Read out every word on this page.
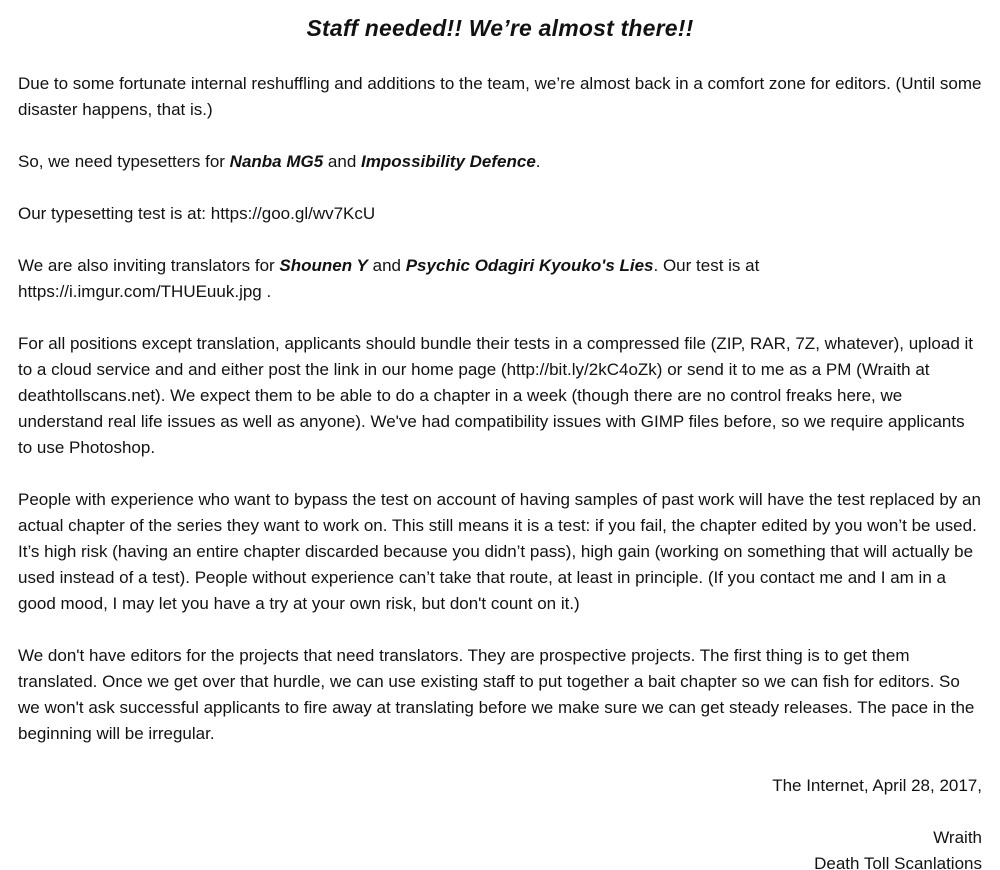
Staff needed!! We’re almost there!!

Due to some fortunate internal reshuffling and additions to the team, we’re almost back in a comfort zone for editors. (Until some disaster happens, that is.)

So, we need typesetters for Nanba MG5 and Impossibility Defence.

Our typesetting test is at: https://goo.gl/wv7KcU

We are also inviting translators for Shounen Y and Psychic Odagiri Kyouko's Lies. Our test is at https://i.imgur.com/THUEuuk.jpg .

For all positions except translation, applicants should bundle their tests in a compressed file (ZIP, RAR, 7Z, whatever), upload it to a cloud service and and either post the link in our home page (http://bit.ly/2kC4oZk) or send it to me as a PM (Wraith at deathtollscans.net). We expect them to be able to do a chapter in a week (though there are no control freaks here, we understand real life issues as well as anyone). We've had compatibility issues with GIMP files before, so we require applicants to use Photoshop.

People with experience who want to bypass the test on account of having samples of past work will have the test replaced by an actual chapter of the series they want to work on. This still means it is a test: if you fail, the chapter edited by you won’t be used. It’s high risk (having an entire chapter discarded because you didn’t pass), high gain (working on something that will actually be used instead of a test). People without experience can’t take that route, at least in principle. (If you contact me and I am in a good mood, I may let you have a try at your own risk, but don't count on it.)

We don't have editors for the projects that need translators. They are prospective projects. The first thing is to get them translated. Once we get over that hurdle, we can use existing staff to put together a bait chapter so we can fish for editors. So we won't ask successful applicants to fire away at translating before we make sure we can get steady releases. The pace in the beginning will be irregular.

The Internet, April 28, 2017,

Wraith
Death Toll Scanlations
